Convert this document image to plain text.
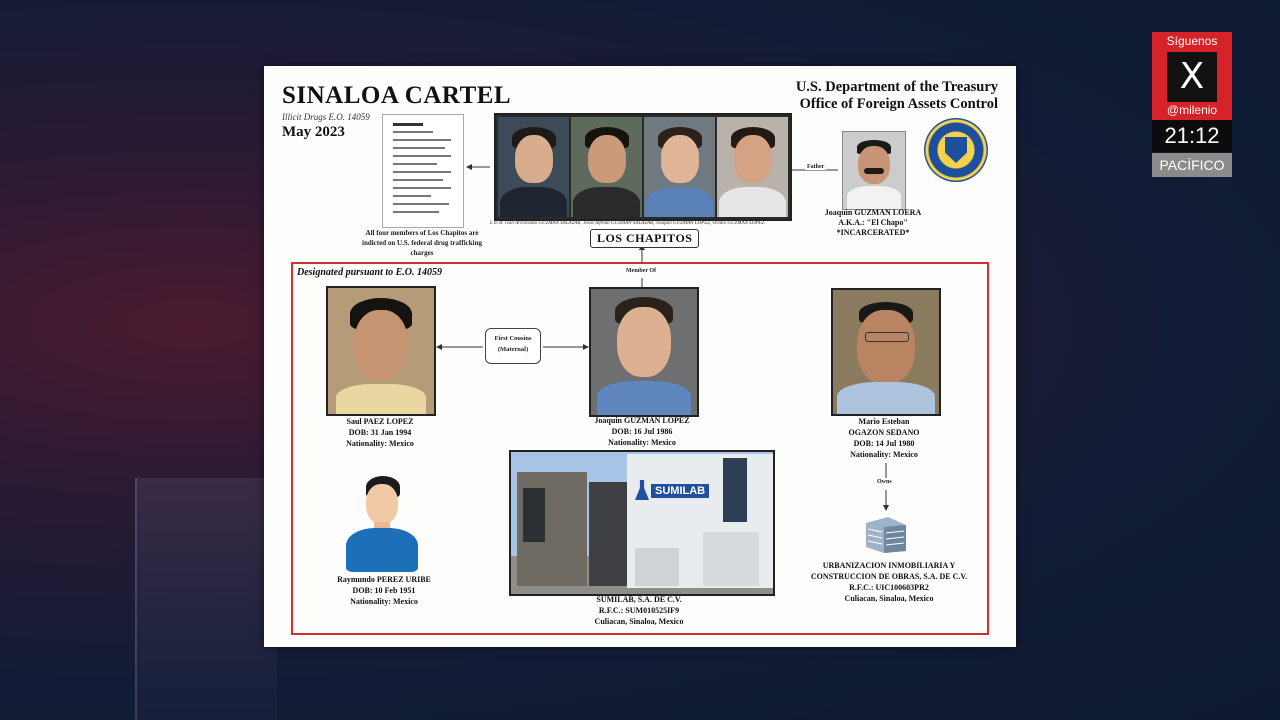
SINALOA CARTEL
Illicit Drugs E.O. 14059
May 2023
U.S. Department of the Treasury
Office of Foreign Assets Control
All four members of Los Chapitos are indicted on U.S. federal drug trafficking charges
L to R: Ivan Archivaldo GUZMAN SALAZAR, Jesus Alfredo GUZMAN SALAZAR, Joaquin GUZMAN LOPEZ, Ovidio GUZMAN LOPEZ
LOS CHAPITOS
Father
Joaquin GUZMAN LOERA
A.K.A.: "El Chapo"
*INCARCERATED*
Designated pursuant to E.O. 14059	Member Of
Saul PAEZ LOPEZ
DOB: 31 Jan 1994
Nationality: Mexico
First Cousins
(Maternal)
Joaquin GUZMAN LOPEZ
DOB: 16 Jul 1986
Nationality: Mexico
Mario Esteban
OGAZON SEDANO
DOB: 14 Jul 1980
Nationality: Mexico
Owns
Raymundo PEREZ URIBE
DOB: 10 Feb 1951
Nationality: Mexico
SUMILAB
SUMILAB, S.A. DE C.V.
R.F.C.: SUM010525IF9
Culiacan, Sinaloa, Mexico
URBANIZACION INMOBILIARIA Y
CONSTRUCCION DE OBRAS, S.A. DE C.V.
R.F.C.: UIC100603PR2
Culiacan, Sinaloa, Mexico
Síguenos
X
@milenio
21:12
PACÍFICO
